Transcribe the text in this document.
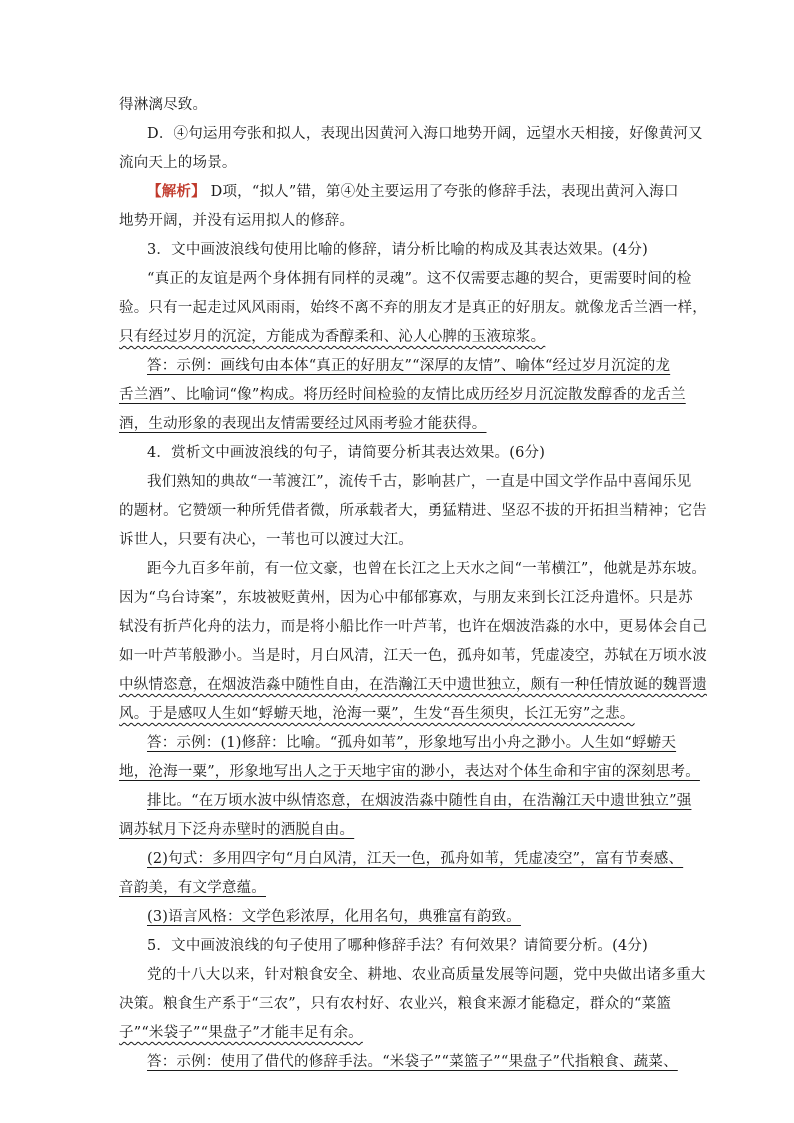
得淋漓尽致。
D．④句运用夸张和拟人，表现出因黄河入海口地势开阔，远望水天相接，好像黄河又
流向天上的场景。
【解析】 D项，“拟人”错，第④处主要运用了夸张的修辞手法，表现出黄河入海口
地势开阔，并没有运用拟人的修辞。
3．文中画波浪线句使用比喻的修辞，请分析比喻的构成及其表达效果。(4分)
“真正的友谊是两个身体拥有同样的灵魂”。这不仅需要志趣的契合，更需要时间的检
验。只有一起走过风风雨雨，始终不离不弃的朋友才是真正的好朋友。就像龙舌兰酒一样，
只有经过岁月的沉淀，方能成为香醇柔和、沁人心脾的玉液琼浆。
答：示例：画线句由本体“真正的好朋友”“深厚的友情”、喻体“经过岁月沉淀的龙
舌兰酒”、比喻词“像”构成。将历经时间检验的友情比成历经岁月沉淀散发醇香的龙舌兰
酒，生动形象的表现出友情需要经过风雨考验才能获得。
4．赏析文中画波浪线的句子，请简要分析其表达效果。(6分)
我们熟知的典故“一苇渡江”，流传千古，影响甚广，一直是中国文学作品中喜闻乐见
的题材。它赞颂一种所凭借者微，所承载者大，勇猛精进、坚忍不拔的开拓担当精神；它告
诉世人，只要有决心，一苇也可以渡过大江。
距今九百多年前，有一位文豪，也曾在长江之上天水之间“一苇横江”，他就是苏东坡。
因为“乌台诗案”，东坡被贬黄州，因为心中郁郁寡欢，与朋友来到长江泛舟遣怀。只是苏
轼没有折芦化舟的法力，而是将小船比作一叶芦苇，也许在烟波浩淼的水中，更易体会自己
如一叶芦苇般渺小。当是时，月白风清，江天一色，孤舟如苇，凭虚凌空，苏轼在万顷水波
中纵情恣意，在烟波浩淼中随性自由，在浩瀚江天中遗世独立，颇有一种任情放诞的魏晋遗
风。于是感叹人生如“蜉蝣天地，沧海一粟”，生发“吾生须臾，长江无穷”之悲。
答：示例：(1)修辞：比喻。“孤舟如苇”，形象地写出小舟之渺小。人生如“蜉蝣天
地，沧海一粟”，形象地写出人之于天地宇宙的渺小，表达对个体生命和宇宙的深刻思考。
排比。“在万顷水波中纵情恣意，在烟波浩淼中随性自由，在浩瀚江天中遗世独立”强
调苏轼月下泛舟赤壁时的洒脱自由。
(2)句式：多用四字句“月白风清，江天一色，孤舟如苇，凭虚凌空”，富有节奏感、
音韵美，有文学意蕴。
(3)语言风格：文学色彩浓厚，化用名句，典雅富有韵致。
5．文中画波浪线的句子使用了哪种修辞手法？有何效果？请简要分析。(4分)
党的十八大以来，针对粮食安全、耕地、农业高质量发展等问题，党中央做出诸多重大
决策。粮食生产系于“三农”，只有农村好、农业兴，粮食来源才能稳定，群众的“菜篮
子”“米袋子”“果盘子”才能丰足有余。
答：示例：使用了借代的修辞手法。“米袋子”“菜篮子”“果盘子”代指粮食、蔬菜、
